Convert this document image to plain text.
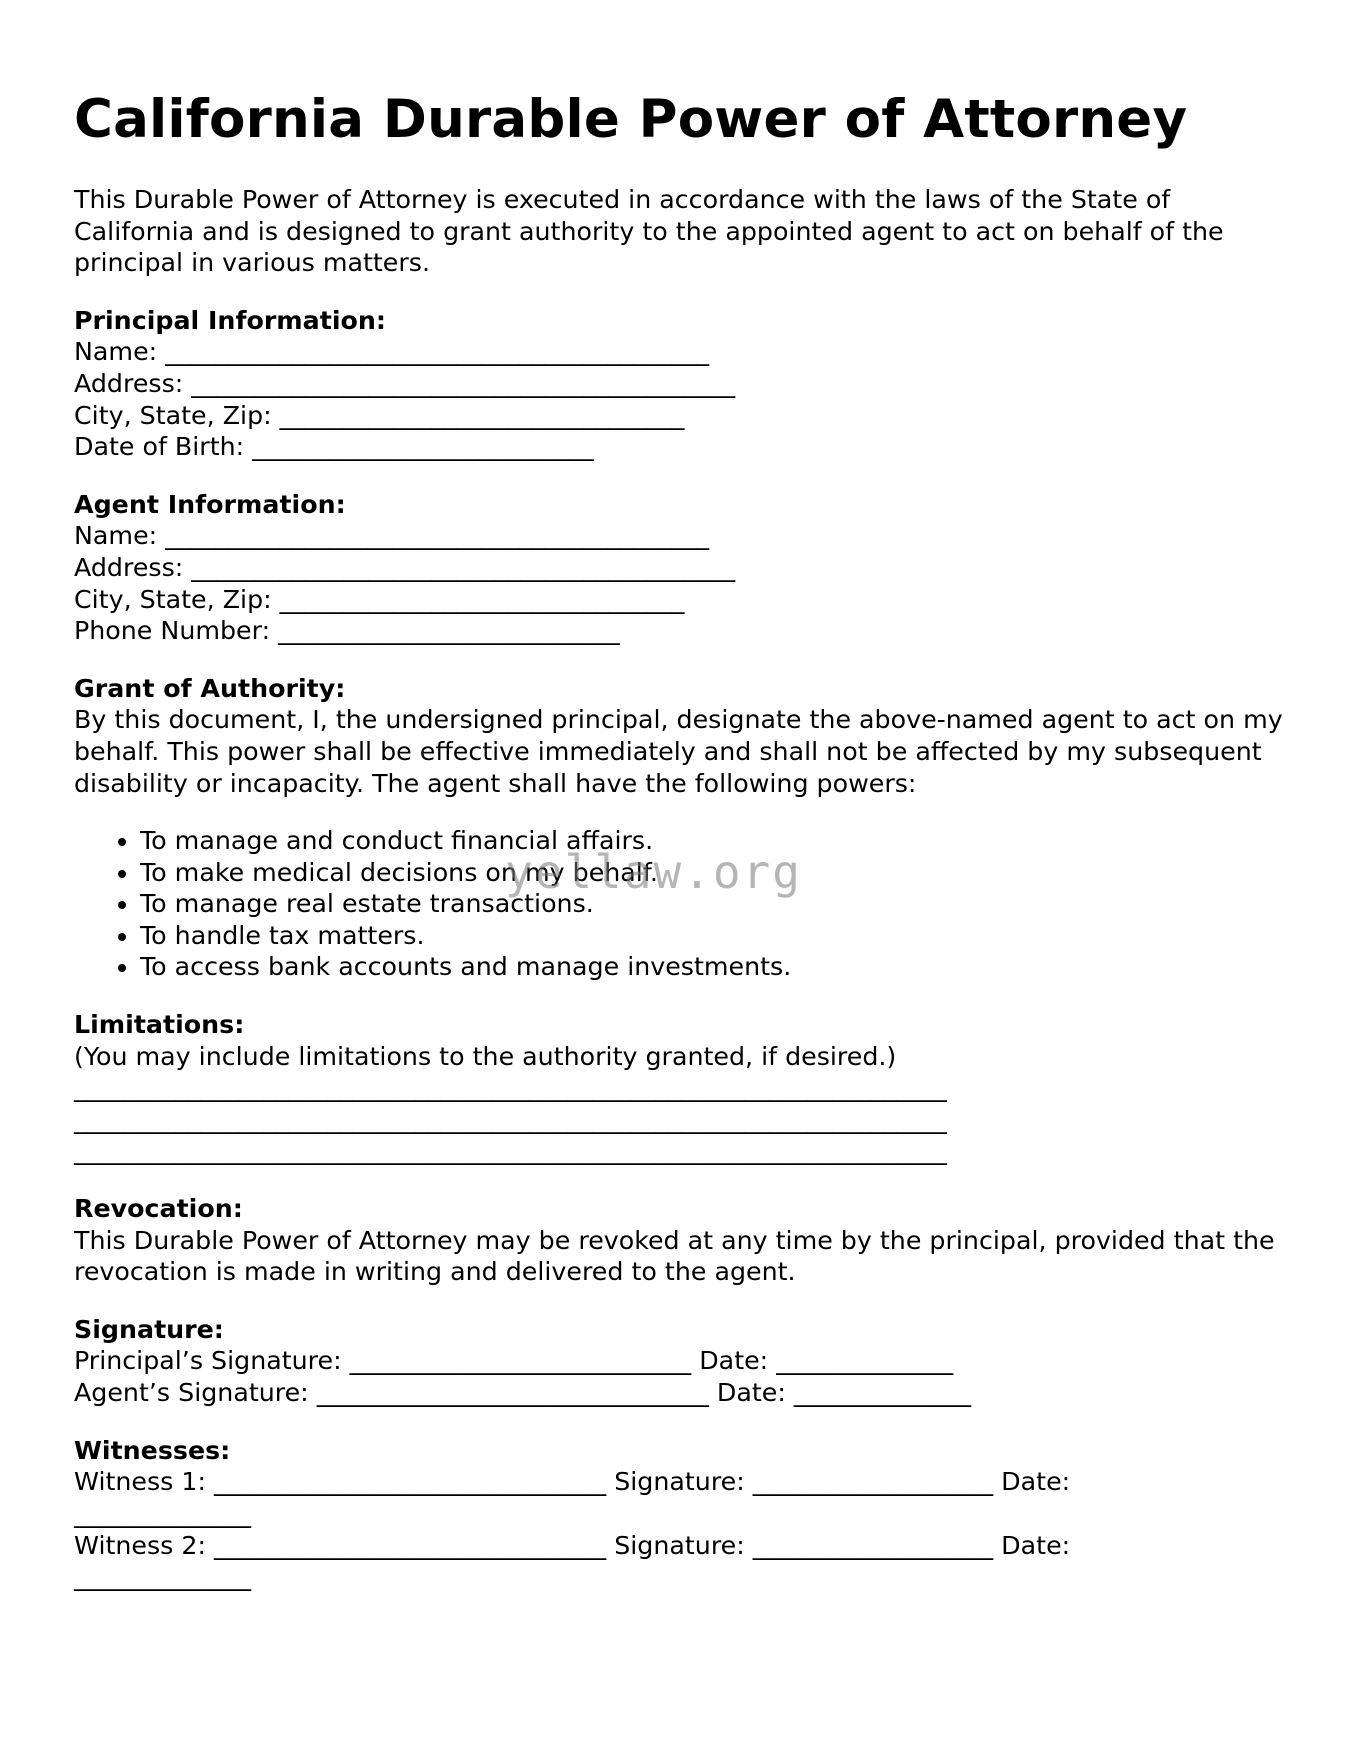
California Durable Power of Attorney

This Durable Power of Attorney is executed in accordance with the laws of the State of California and is designed to grant authority to the appointed agent to act on behalf of the principal in various matters.

Principal Information:
Name: ___________________________________________
Address: ___________________________________________
City, State, Zip: ________________________________
Date of Birth: ___________________________
Agent Information:
Name: ___________________________________________
Address: ___________________________________________
City, State, Zip: ________________________________
Phone Number: ___________________________
Grant of Authority:

By this document, I, the undersigned principal, designate the above-named agent to act on my behalf. This power shall be effective immediately and shall not be affected by my subsequent disability or incapacity. The agent shall have the following powers:

• To manage and conduct financial affairs.
• To make medical decisions on my behalf.
• To manage real estate transactions.
• To handle tax matters.
• To access bank accounts and manage investments.
Limitations:

(You may include limitations to the authority granted, if desired.)

_____________________________________________________________________
_____________________________________________________________________
_____________________________________________________________________
Revocation:

This Durable Power of Attorney may be revoked at any time by the principal, provided that the revocation is made in writing and delivered to the agent.

Signature:
Principal’s Signature: ___________________________ Date: ______________
Agent’s Signature: _______________________________ Date: ______________
Witnesses:
Witness 1: _______________________________ Signature: ___________________ Date:
______________
Witness 2: _______________________________ Signature: ___________________ Date:
______________
yellaw.org
